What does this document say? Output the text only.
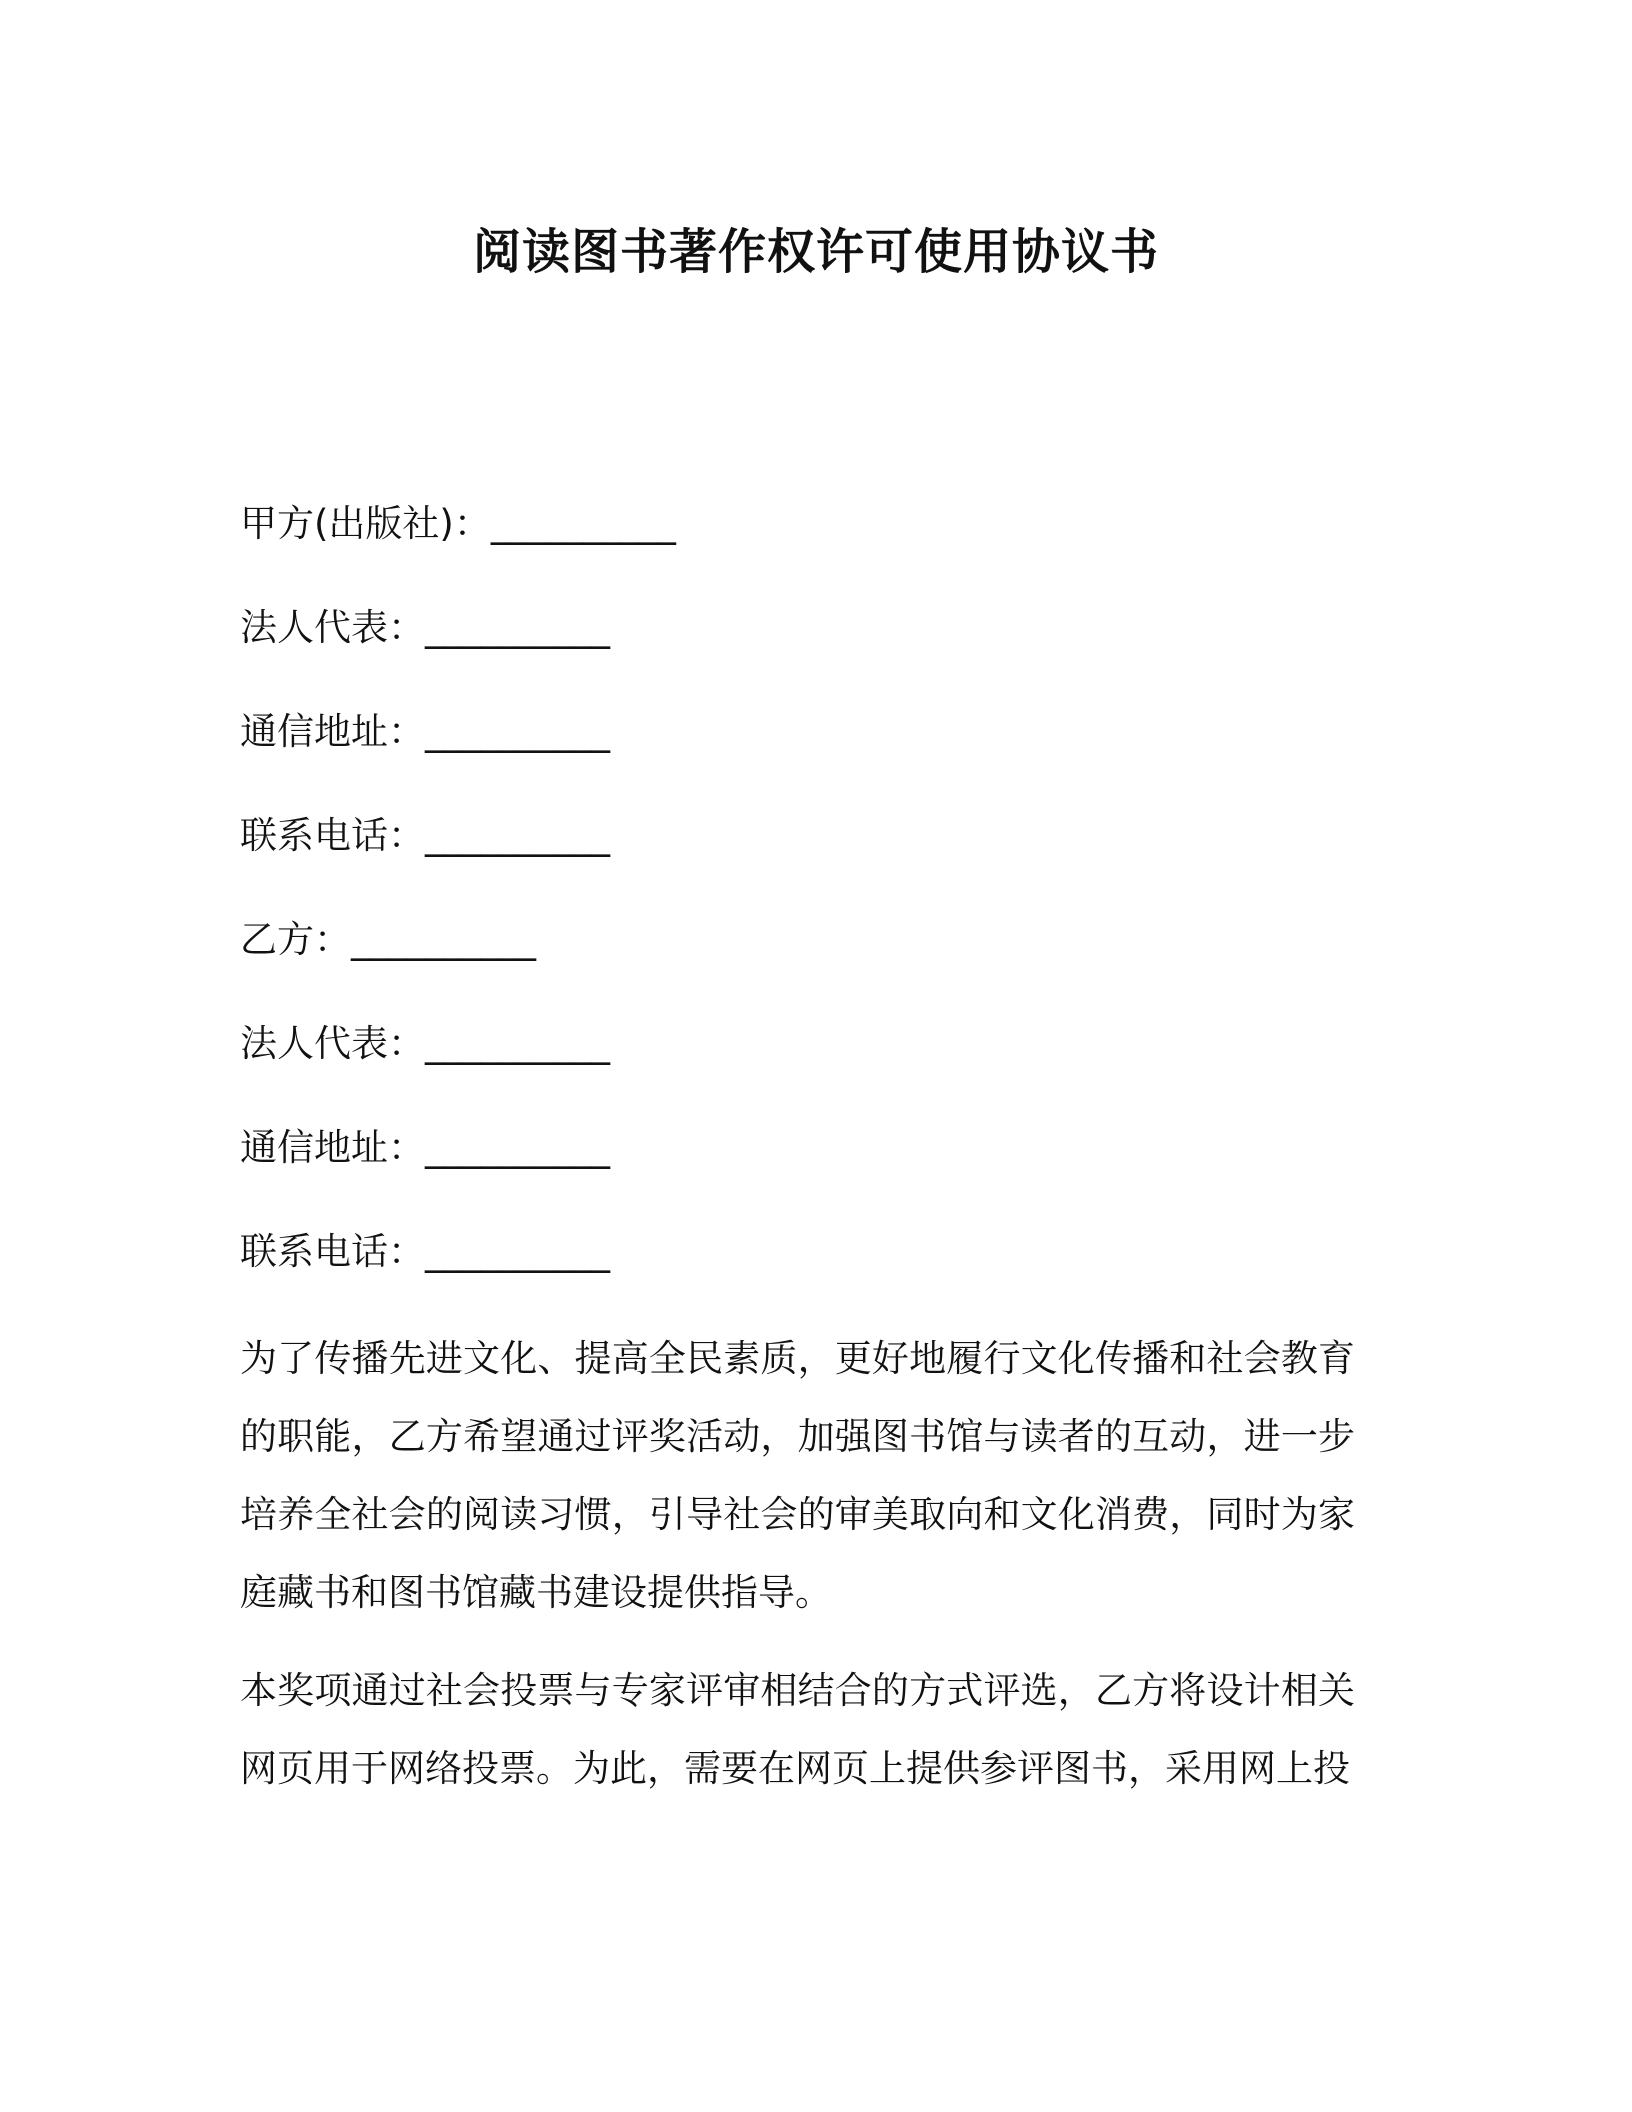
阅读图书著作权许可使用协议书
甲方(出版社)：__________
法人代表：__________
通信地址：__________
联系电话：__________
乙方：__________
法人代表：__________
通信地址：__________
联系电话：__________

为了传播先进文化、提高全民素质，更好地履行文化传播和社会教育的职能，乙方希望通过评奖活动，加强图书馆与读者的互动，进一步培养全社会的阅读习惯，引导社会的审美取向和文化消费，同时为家庭藏书和图书馆藏书建设提供指导。

本奖项通过社会投票与专家评审相结合的方式评选，乙方将设计相关网页用于网络投票。为此，需要在网页上提供参评图书，采用网上投
